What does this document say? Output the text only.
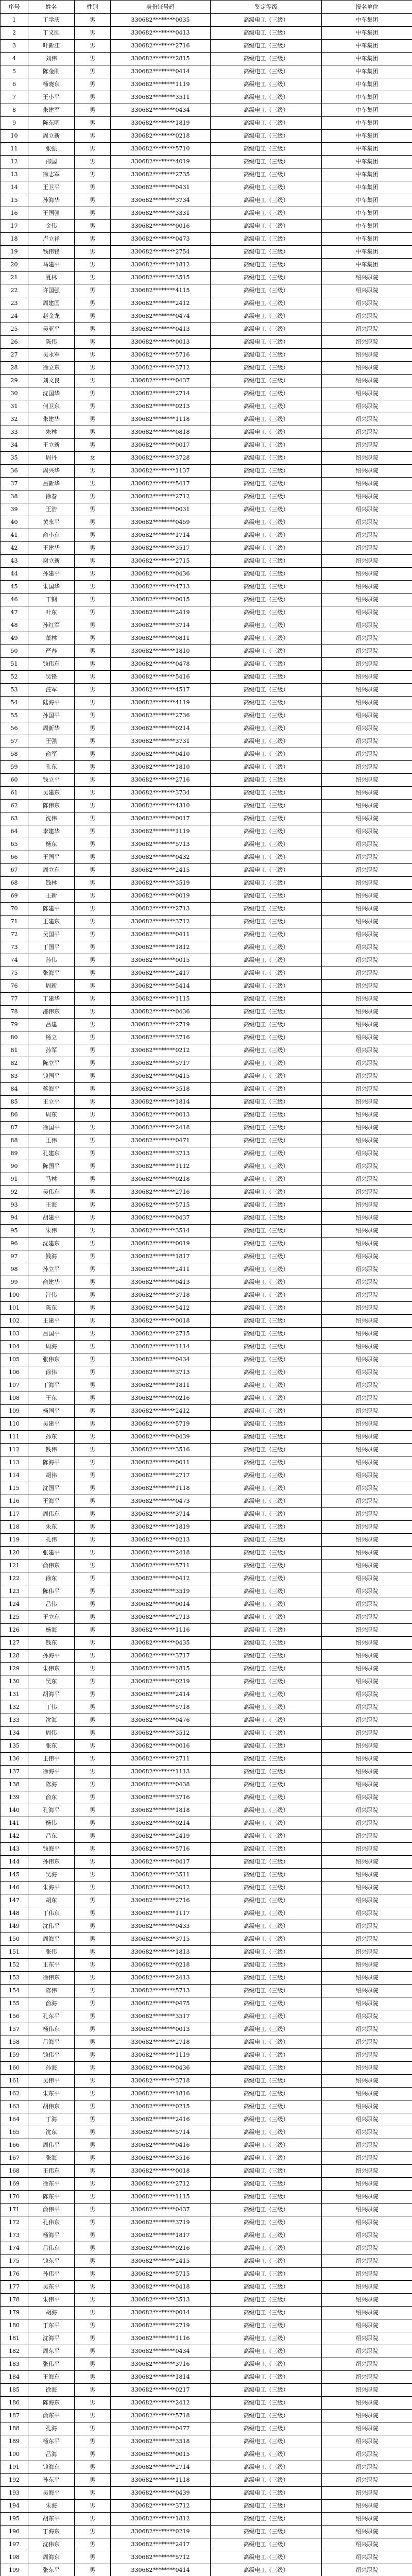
序号	姓名	性别	身份证号码	鉴定等级	报名单位
1	丁学庆	男	330682********0035	高级电工（三级）	中车集团
2	丁义胜	男	330682********0413	高级电工（三级）	中车集团
3	叶新江	男	330682********2716	高级电工（三级）	中车集团
4	刘伟	男	330682********2815	高级电工（三级）	中车集团
5	陈金刚	男	330682********0414	高级电工（三级）	中车集团
6	杨晓东	男	330682********1119	高级电工（三级）	中车集团
7	王小平	男	330682********3511	高级电工（三级）	中车集团
8	朱建军	男	330682********0434	高级电工（三级）	中车集团
9	陈东明	男	330682********1819	高级电工（三级）	中车集团
10	周立新	男	330682********0218	高级电工（三级）	中车集团
11	张强	男	330682********5710	高级电工（三级）	中车集团
12	邵国	男	330682********4019	高级电工（三级）	中车集团
13	徐志军	男	330682********2735	高级电工（三级）	中车集团
14	王卫平	男	330682********0431	高级电工（三级）	中车集团
15	孙海华	男	330682********3734	高级电工（三级）	中车集团
16	王国强	男	330682********3331	高级电工（三级）	中车集团
17	金伟	男	330682********0016	高级电工（三级）	中车集团
18	卢立祥	男	330682********0473	高级电工（三级）	中车集团
19	钱伟锋	男	330682********2754	高级电工（三级）	中车集团
20	马建平	男	330682********1812	高级电工（三级）	中车集团
21	夏林	男	330682********3515	高级电工（三级）	绍兴职院
22	许国强	男	330682********4115	高级电工（三级）	绍兴职院
23	周建国	男	330682********2412	高级电工（三级）	绍兴职院
24	赵金龙	男	330682********0474	高级电工（三级）	绍兴职院
25	吴亚平	男	330682********0413	高级电工（三级）	绍兴职院
26	陈伟	男	330682********0013	高级电工（三级）	绍兴职院
27	吴永军	男	330682********5716	高级电工（三级）	绍兴职院
28	徐立东	男	330682********3712	高级电工（三级）	绍兴职院
29	刘文良	男	330682********0437	高级电工（三级）	绍兴职院
30	沈国华	男	330682********2714	高级电工（三级）	绍兴职院
31	何卫东	男	330682********0213	高级电工（三级）	绍兴职院
32	朱建华	男	330682********1118	高级电工（三级）	绍兴职院
33	朱林	男	330682********0818	高级电工（三级）	绍兴职院
34	王立新	男	330682********0017	高级电工（三级）	绍兴职院
35	周丹	女	330682********3728	高级电工（三级）	绍兴职院
36	周兴华	男	330682********1137	高级电工（三级）	绍兴职院
37	吕新华	男	330682********5417	高级电工（三级）	绍兴职院
38	徐春	男	330682********2712	高级电工（三级）	绍兴职院
39	王浩	男	330682********0031	高级电工（三级）	绍兴职院
40	黄永平	男	330682********0459	高级电工（三级）	绍兴职院
41	俞小东	男	330682********1714	高级电工（三级）	绍兴职院
42	王建华	男	330682********3517	高级电工（三级）	绍兴职院
43	谢立新	男	330682********2715	高级电工（三级）	绍兴职院
44	孙建平	男	330682********0436	高级电工（三级）	绍兴职院
45	朱国华	男	330682********4713	高级电工（三级）	绍兴职院
46	丁钢	男	330682********0015	高级电工（三级）	绍兴职院
47	叶东	男	330682********2419	高级电工（三级）	绍兴职院
48	孙红军	男	330682********3714	高级电工（三级）	绍兴职院
49	董林	男	330682********0811	高级电工（三级）	绍兴职院
50	严春	男	330682********1810	高级电工（三级）	绍兴职院
51	钱伟东	男	330682********0478	高级电工（三级）	绍兴职院
52	吴锋	男	330682********5416	高级电工（三级）	绍兴职院
53	汪军	男	330682********4517	高级电工（三级）	绍兴职院
54	陆海平	男	330682********4119	高级电工（三级）	绍兴职院
55	孙国平	男	330682********2736	高级电工（三级）	绍兴职院
56	周新华	男	330682********0214	高级电工（三级）	绍兴职院
57	王强	男	330682********3731	高级电工（三级）	绍兴职院
58	俞军	男	330682********0410	高级电工（三级）	绍兴职院
59	孔东	男	330682********1810	高级电工（三级）	绍兴职院
60	钱立平	男	330682********2716	高级电工（三级）	绍兴职院
61	吴建东	男	330682********3734	高级电工（三级）	绍兴职院
62	陈伟东	男	330682********4310	高级电工（三级）	绍兴职院
63	沈伟	男	330682********0017	高级电工（三级）	绍兴职院
64	李建华	男	330682********1119	高级电工（三级）	绍兴职院
65	杨东	男	330682********5713	高级电工（三级）	绍兴职院
66	王国平	男	330682********0432	高级电工（三级）	绍兴职院
67	周立东	男	330682********2415	高级电工（三级）	绍兴职院
68	钱林	男	330682********3519	高级电工（三级）	绍兴职院
69	王新	男	330682********0019	高级电工（三级）	绍兴职院
70	陈建平	男	330682********2713	高级电工（三级）	绍兴职院
71	王建东	男	330682********3712	高级电工（三级）	绍兴职院
72	吴国平	男	330682********0411	高级电工（三级）	绍兴职院
73	丁国平	男	330682********1812	高级电工（三级）	绍兴职院
74	孙伟	男	330682********0015	高级电工（三级）	绍兴职院
75	张海平	男	330682********2417	高级电工（三级）	绍兴职院
76	周新	男	330682********5414	高级电工（三级）	绍兴职院
77	丁建华	男	330682********1115	高级电工（三级）	绍兴职院
78	邵伟东	男	330682********0436	高级电工（三级）	绍兴职院
79	吕建	男	330682********2719	高级电工（三级）	绍兴职院
80	杨立	男	330682********3716	高级电工（三级）	绍兴职院
81	孙军	男	330682********0212	高级电工（三级）	绍兴职院
82	陈立平	男	330682********5717	高级电工（三级）	绍兴职院
83	钱国平	男	330682********0415	高级电工（三级）	绍兴职院
84	蒋海平	男	330682********3518	高级电工（三级）	绍兴职院
85	王立平	男	330682********1814	高级电工（三级）	绍兴职院
86	周东	男	330682********0013	高级电工（三级）	绍兴职院
87	徐国平	男	330682********2418	高级电工（三级）	绍兴职院
88	王伟	男	330682********0471	高级电工（三级）	绍兴职院
89	孔建东	男	330682********3713	高级电工（三级）	绍兴职院
90	陈国平	男	330682********1112	高级电工（三级）	绍兴职院
91	马林	男	330682********0218	高级电工（三级）	绍兴职院
92	吴伟东	男	330682********2716	高级电工（三级）	绍兴职院
93	王海	男	330682********5715	高级电工（三级）	绍兴职院
94	胡建平	男	330682********0437	高级电工（三级）	绍兴职院
95	朱伟	男	330682********3514	高级电工（三级）	绍兴职院
96	沈建东	男	330682********0019	高级电工（三级）	绍兴职院
97	钱海	男	330682********1817	高级电工（三级）	绍兴职院
98	孙立平	男	330682********2411	高级电工（三级）	绍兴职院
99	俞建华	男	330682********0413	高级电工（三级）	绍兴职院
100	汪伟	男	330682********3718	高级电工（三级）	绍兴职院
101	陈东	男	330682********5412	高级电工（三级）	绍兴职院
102	王建平	男	330682********0018	高级电工（三级）	绍兴职院
103	吕国平	男	330682********2715	高级电工（三级）	绍兴职院
104	周海	男	330682********1114	高级电工（三级）	绍兴职院
105	张伟东	男	330682********0434	高级电工（三级）	绍兴职院
106	徐伟	男	330682********3713	高级电工（三级）	绍兴职院
107	丁海平	男	330682********1811	高级电工（三级）	绍兴职院
108	王东	男	330682********0216	高级电工（三级）	绍兴职院
109	杨国平	男	330682********2412	高级电工（三级）	绍兴职院
110	吴建平	男	330682********5719	高级电工（三级）	绍兴职院
111	孙东	男	330682********0439	高级电工（三级）	绍兴职院
112	钱伟	男	330682********3516	高级电工（三级）	绍兴职院
113	陈海平	男	330682********0011	高级电工（三级）	绍兴职院
114	胡伟	男	330682********2717	高级电工（三级）	绍兴职院
115	沈国平	男	330682********1118	高级电工（三级）	绍兴职院
116	王海平	男	330682********0473	高级电工（三级）	绍兴职院
117	周伟东	男	330682********3714	高级电工（三级）	绍兴职院
118	朱东	男	330682********1819	高级电工（三级）	绍兴职院
119	孔伟	男	330682********0213	高级电工（三级）	绍兴职院
120	张建平	男	330682********2418	高级电工（三级）	绍兴职院
121	俞伟东	男	330682********5711	高级电工（三级）	绍兴职院
122	徐东	男	330682********0412	高级电工（三级）	绍兴职院
123	陈伟平	男	330682********3519	高级电工（三级）	绍兴职院
124	吕伟	男	330682********0014	高级电工（三级）	绍兴职院
125	王立东	男	330682********2713	高级电工（三级）	绍兴职院
126	杨海	男	330682********1116	高级电工（三级）	绍兴职院
127	钱东	男	330682********0435	高级电工（三级）	绍兴职院
128	孙海平	男	330682********3717	高级电工（三级）	绍兴职院
129	朱伟东	男	330682********1815	高级电工（三级）	绍兴职院
130	吴东	男	330682********0219	高级电工（三级）	绍兴职院
131	胡海平	男	330682********2414	高级电工（三级）	绍兴职院
132	丁伟	男	330682********5718	高级电工（三级）	绍兴职院
133	沈海	男	330682********0476	高级电工（三级）	绍兴职院
134	周伟	男	330682********3512	高级电工（三级）	绍兴职院
135	张东	男	330682********0016	高级电工（三级）	绍兴职院
136	王伟平	男	330682********2711	高级电工（三级）	绍兴职院
137	徐海平	男	330682********1113	高级电工（三级）	绍兴职院
138	陈海	男	330682********0438	高级电工（三级）	绍兴职院
139	俞东	男	330682********3716	高级电工（三级）	绍兴职院
140	孔海平	男	330682********1818	高级电工（三级）	绍兴职院
141	杨伟	男	330682********0214	高级电工（三级）	绍兴职院
142	吕东	男	330682********2419	高级电工（三级）	绍兴职院
143	钱海平	男	330682********5716	高级电工（三级）	绍兴职院
144	孙伟东	男	330682********0417	高级电工（三级）	绍兴职院
145	吴海	男	330682********3511	高级电工（三级）	绍兴职院
146	朱海平	男	330682********0012	高级电工（三级）	绍兴职院
147	胡东	男	330682********2716	高级电工（三级）	绍兴职院
148	丁伟东	男	330682********1117	高级电工（三级）	绍兴职院
149	沈伟平	男	330682********0433	高级电工（三级）	绍兴职院
150	周海平	男	330682********3715	高级电工（三级）	绍兴职院
151	张伟	男	330682********1813	高级电工（三级）	绍兴职院
152	王东平	男	330682********0218	高级电工（三级）	绍兴职院
153	徐伟东	男	330682********2413	高级电工（三级）	绍兴职院
154	陈伟	男	330682********5713	高级电工（三级）	绍兴职院
155	俞海	男	330682********0475	高级电工（三级）	绍兴职院
156	孔东平	男	330682********3517	高级电工（三级）	绍兴职院
157	杨伟东	男	330682********0013	高级电工（三级）	绍兴职院
158	吕海平	男	330682********2718	高级电工（三级）	绍兴职院
159	钱伟平	男	330682********1119	高级电工（三级）	绍兴职院
160	孙海	男	330682********0436	高级电工（三级）	绍兴职院
161	吴伟平	男	330682********3718	高级电工（三级）	绍兴职院
162	朱东平	男	330682********1816	高级电工（三级）	绍兴职院
163	胡伟东	男	330682********0215	高级电工（三级）	绍兴职院
164	丁海	男	330682********2416	高级电工（三级）	绍兴职院
165	沈东	男	330682********5714	高级电工（三级）	绍兴职院
166	周伟平	男	330682********0416	高级电工（三级）	绍兴职院
167	张海	男	330682********3516	高级电工（三级）	绍兴职院
168	王伟东	男	330682********0018	高级电工（三级）	绍兴职院
169	徐东平	男	330682********2712	高级电工（三级）	绍兴职院
170	陈东平	男	330682********1115	高级电工（三级）	绍兴职院
171	俞伟平	男	330682********0437	高级电工（三级）	绍兴职院
172	孔伟东	男	330682********3719	高级电工（三级）	绍兴职院
173	杨海平	男	330682********1817	高级电工（三级）	绍兴职院
174	吕伟东	男	330682********0216	高级电工（三级）	绍兴职院
175	钱东平	男	330682********2415	高级电工（三级）	绍兴职院
176	孙伟平	男	330682********5715	高级电工（三级）	绍兴职院
177	吴东平	男	330682********0418	高级电工（三级）	绍兴职院
178	朱伟平	男	330682********3513	高级电工（三级）	绍兴职院
179	胡海	男	330682********0014	高级电工（三级）	绍兴职院
180	丁东平	男	330682********2719	高级电工（三级）	绍兴职院
181	沈海平	男	330682********1116	高级电工（三级）	绍兴职院
182	周东平	男	330682********0434	高级电工（三级）	绍兴职院
183	张伟平	男	330682********3716	高级电工（三级）	绍兴职院
184	王海东	男	330682********1814	高级电工（三级）	绍兴职院
185	徐海	男	330682********0217	高级电工（三级）	绍兴职院
186	陈海东	男	330682********2412	高级电工（三级）	绍兴职院
187	俞东平	男	330682********5718	高级电工（三级）	绍兴职院
188	孔海	男	330682********0477	高级电工（三级）	绍兴职院
189	杨东平	男	330682********3518	高级电工（三级）	绍兴职院
190	吕海	男	330682********0015	高级电工（三级）	绍兴职院
191	钱海东	男	330682********2714	高级电工（三级）	绍兴职院
192	孙东平	男	330682********1118	高级电工（三级）	绍兴职院
193	吴海平	男	330682********0439	高级电工（三级）	绍兴职院
194	朱海	男	330682********3712	高级电工（三级）	绍兴职院
195	胡东平	男	330682********1812	高级电工（三级）	绍兴职院
196	丁海东	男	330682********0219	高级电工（三级）	绍兴职院
197	沈伟东	男	330682********2417	高级电工（三级）	绍兴职院
198	周海东	男	330682********5712	高级电工（三级）	绍兴职院
199	张东平	男	330682********0414	高级电工（三级）	绍兴职院
